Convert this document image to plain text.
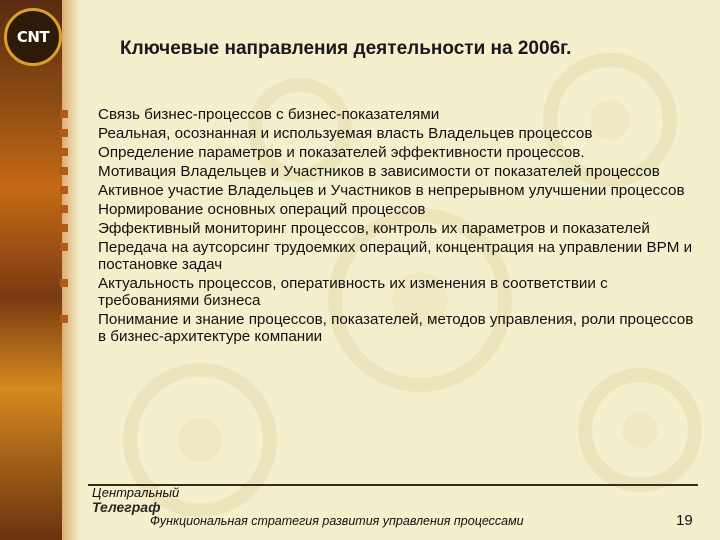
CNT
Ключевые направления деятельности на 2006г.
Связь бизнес-процессов с бизнес-показателями
Реальная, осознанная и используемая власть Владельцев процессов
Определение параметров и показателей эффективности процессов.
Мотивация Владельцев и Участников в зависимости от показателей процессов
Активное участие Владельцев и Участников в непрерывном улучшении процессов
Нормирование основных операций процессов
Эффективный мониторинг процессов, контроль их параметров и показателей
Передача на аутсорсинг трудоемких операций, концентрация на управлении BPM и постановке задач
Актуальность процессов, оперативность их изменения в соответствии с требованиями бизнеса
Понимание и знание процессов, показателей, методов управления, роли процессов в бизнес-архитектуре компании
Центральный
Телеграф
Функциональная стратегия развития управления процессами	19
